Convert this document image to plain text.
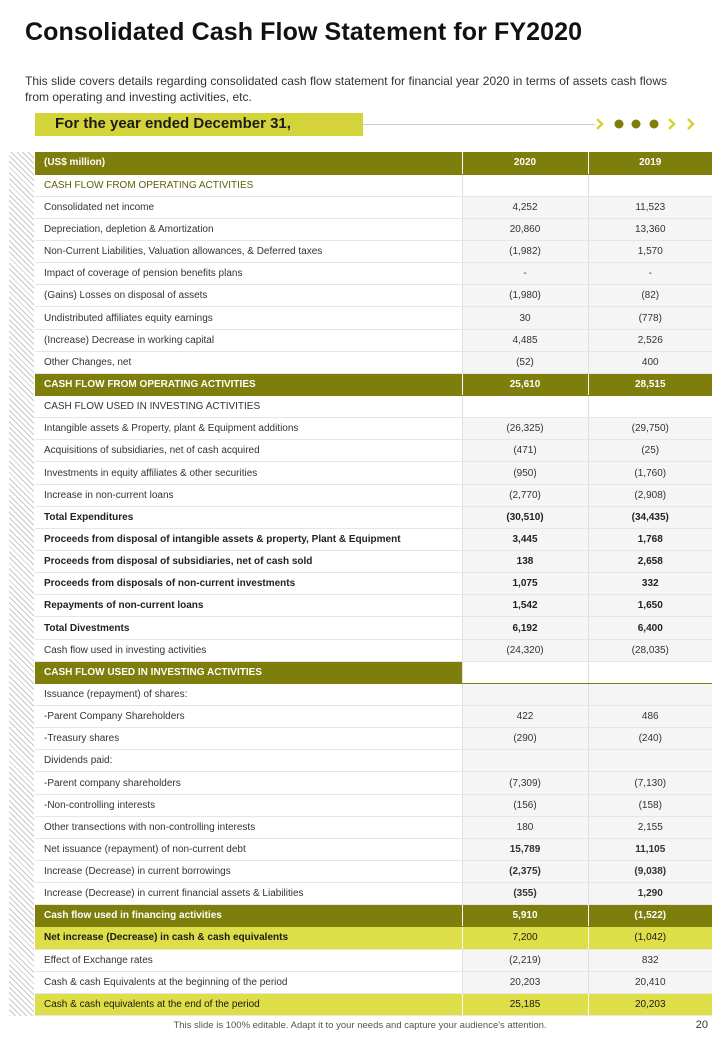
Consolidated Cash Flow Statement for FY2020
This slide covers details regarding consolidated cash flow statement for financial year 2020 in terms of assets cash flows from operating and investing activities, etc.
For the year ended December 31,
(US$ million)	2020	2019
CASH FLOW FROM OPERATING ACTIVITIES		
Consolidated net income	4,252	11,523
Depreciation, depletion & Amortization	20,860	13,360
Non-Current Liabilities, Valuation allowances, & Deferred taxes	(1,982)	1,570
Impact of coverage of pension benefits plans	-	-
(Gains) Losses on disposal of assets	(1,980)	(82)
Undistributed affiliates equity earnings	30	(778)
(Increase) Decrease in working capital	4,485	2,526
Other Changes, net	(52)	400
CASH FLOW FROM OPERATING ACTIVITIES	25,610	28,515
CASH FLOW USED IN INVESTING ACTIVITIES		
Intangible assets & Property, plant & Equipment additions	(26,325)	(29,750)
Acquisitions of subsidiaries, net of cash acquired	(471)	(25)
Investments in equity affiliates & other securities	(950)	(1,760)
Increase in non-current loans	(2,770)	(2,908)
Total Expenditures	(30,510)	(34,435)
Proceeds from disposal of intangible assets & property, Plant & Equipment	3,445	1,768
Proceeds from disposal of subsidiaries, net of cash sold	138	2,658
Proceeds from disposals of non-current investments	1,075	332
Repayments of non-current loans	1,542	1,650
Total Divestments	6,192	6,400
Cash flow used in investing activities	(24,320)	(28,035)
CASH FLOW USED IN INVESTING ACTIVITIES		
Issuance (repayment) of shares:		
-Parent Company Shareholders	422	486
-Treasury shares	(290)	(240)
Dividends paid:		
-Parent company shareholders	(7,309)	(7,130)
-Non-controlling interests	(156)	(158)
Other transections with non-controlling interests	180	2,155
Net issuance (repayment) of non-current debt	15,789	11,105
Increase (Decrease) in current borrowings	(2,375)	(9,038)
Increase (Decrease) in current financial assets & Liabilities	(355)	1,290
Cash flow used in financing activities	5,910	(1,522)
Net increase (Decrease) in cash & cash equivalents	7,200	(1,042)
Effect of Exchange rates	(2,219)	832
Cash & cash Equivalents at the beginning of the period	20,203	20,410
Cash & cash equivalents at the end of the period	25,185	20,203
This slide is 100% editable. Adapt it to your needs and capture your audience's attention.	20
